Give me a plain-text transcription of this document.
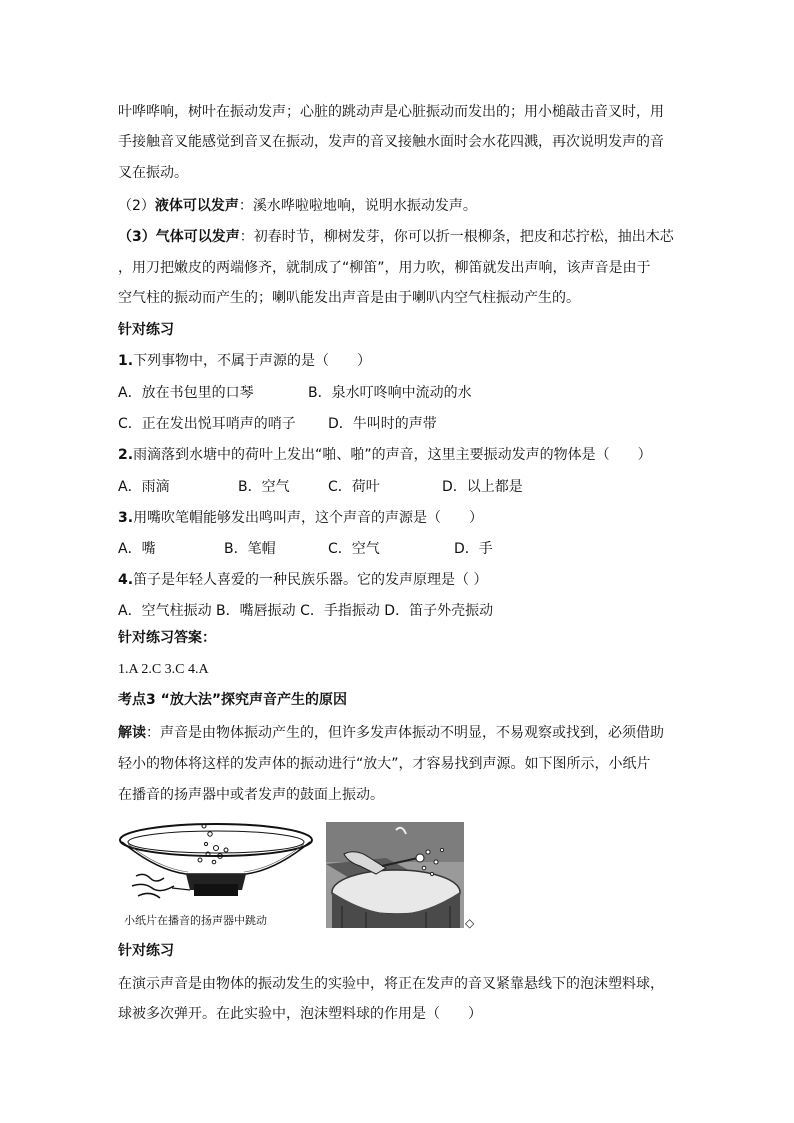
叶哗哗响，树叶在振动发声；心脏的跳动声是心脏振动而发出的；用小槌敲击音叉时，用
手接触音叉能感觉到音叉在振动，发声的音叉接触水面时会水花四溅，再次说明发声的音
叉在振动。
（2）液体可以发声：溪水哗啦啦地响，说明水振动发声。
（3）气体可以发声：初春时节，柳树发芽，你可以折一根柳条，把皮和芯拧松，抽出木芯
，用刀把嫩皮的两端修齐，就制成了“柳笛”，用力吹，柳笛就发出声响，该声音是由于
空气柱的振动而产生的；喇叭能发出声音是由于喇叭内空气柱振动产生的。
针对练习
1.下列事物中，不属于声源的是（　　）
A．放在书包里的口琴	B．泉水叮咚响中流动的水
C．正在发出悦耳哨声的哨子 D．牛叫时的声带
2.雨滴落到水塘中的荷叶上发出“啪、啪”的声音，这里主要振动发声的物体是（　　）
A．雨滴	B．空气	C．荷叶	D．以上都是
3.用嘴吹笔帽能够发出鸣叫声，这个声音的声源是（　　）
A．嘴	B．笔帽	C．空气	D．手
4.笛子是年轻人喜爱的一种民族乐器。它的发声原理是（ ）
A．空气柱振动 B．嘴唇振动 C．手指振动 D．笛子外壳振动
针对练习答案：
1.A 2.C 3.C 4.A
考点3 “放大法”探究声音产生的原因
解读：声音是由物体振动产生的，但许多发声体振动不明显，不易观察或找到，必须借助
轻小的物体将这样的发声体的振动进行“放大”，才容易找到声源。如下图所示，小纸片
在播音的扬声器中或者发声的鼓面上振动。
小纸片在播音的扬声器中跳动	◇
针对练习
在演示声音是由物体的振动发生的实验中，将正在发声的音叉紧靠悬线下的泡沫塑料球，
球被多次弹开。在此实验中，泡沫塑料球的作用是（　　）
